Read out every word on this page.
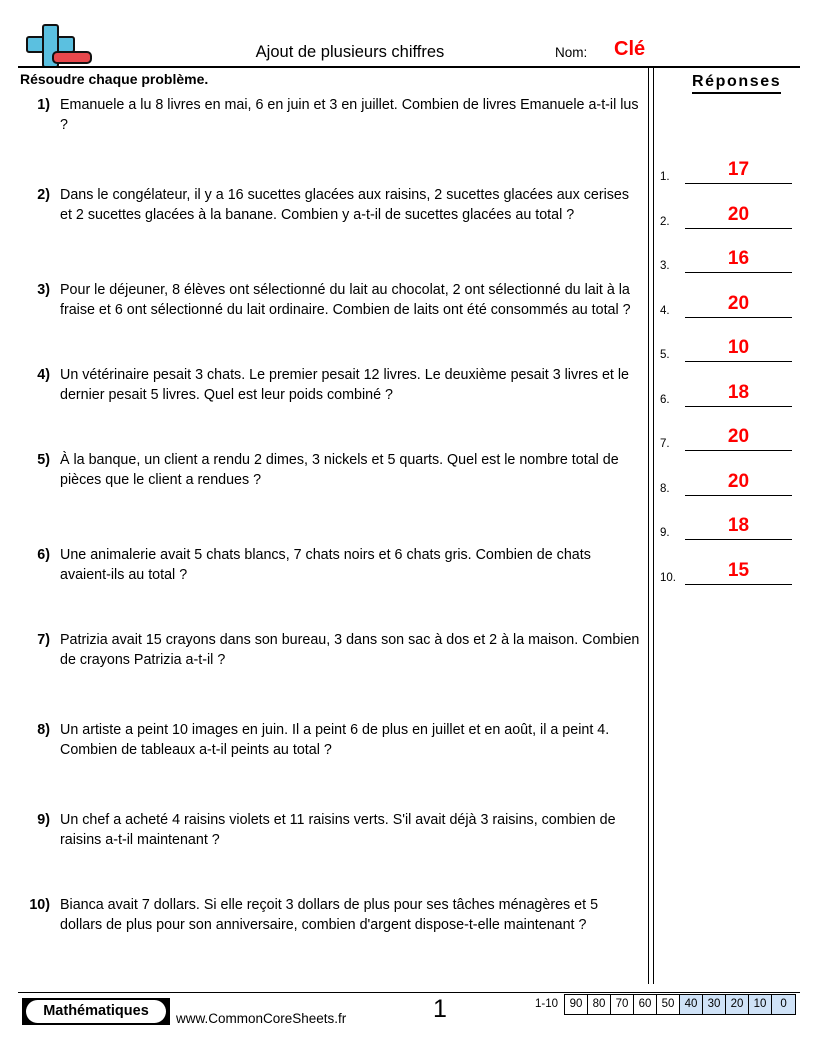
Ajout de plusieurs chiffres	Nom: Clé
Résoudre chaque problème.
1) Emanuele a lu 8 livres en mai, 6 en juin et 3 en juillet. Combien de livres Emanuele a-t-il lus ?
2) Dans le congélateur, il y a 16 sucettes glacées aux raisins, 2 sucettes glacées aux cerises et 2 sucettes glacées à la banane. Combien y a-t-il de sucettes glacées au total ?
3) Pour le déjeuner, 8 élèves ont sélectionné du lait au chocolat, 2 ont sélectionné du lait à la fraise et 6 ont sélectionné du lait ordinaire. Combien de laits ont été consommés au total ?
4) Un vétérinaire pesait 3 chats. Le premier pesait 12 livres. Le deuxième pesait 3 livres et le dernier pesait 5 livres. Quel est leur poids combiné ?
5) À la banque, un client a rendu 2 dimes, 3 nickels et 5 quarts. Quel est le nombre total de pièces que le client a rendues ?
6) Une animalerie avait 5 chats blancs, 7 chats noirs et 6 chats gris. Combien de chats avaient-ils au total ?
7) Patrizia avait 15 crayons dans son bureau, 3 dans son sac à dos et 2 à la maison. Combien de crayons Patrizia a-t-il ?
8) Un artiste a peint 10 images en juin. Il a peint 6 de plus en juillet et en août, il a peint 4. Combien de tableaux a-t-il peints au total ?
9) Un chef a acheté 4 raisins violets et 11 raisins verts. S'il avait déjà 3 raisins, combien de raisins a-t-il maintenant ?
10) Bianca avait 7 dollars. Si elle reçoit 3 dollars de plus pour ses tâches ménagères et 5 dollars de plus pour son anniversaire, combien d'argent dispose-t-elle maintenant ?
Réponses
1.	17
2.	20
3.	16
4.	20
5.	10
6.	18
7.	20
8.	20
9.	18
10.	15
Mathématiques	www.CommonCoreSheets.fr	1	1-10	90 80 70 60 50 40 30 20 10	0
